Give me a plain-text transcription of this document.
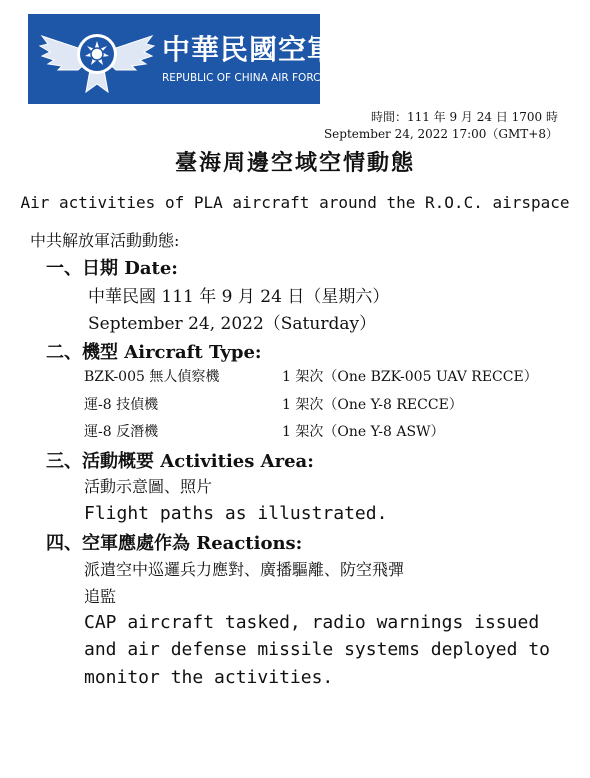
中華民國空軍
REPUBLIC OF CHINA AIR FORCE
時間：111 年 9 月 24 日 1700 時
September 24, 2022 17:00（GMT+8）
臺海周邊空域空情動態
Air activities of PLA aircraft around the R.O.C. airspace
中共解放軍活動動態:
一、日期 Date:
中華民國 111 年 9 月 24 日（星期六）
September 24, 2022（Saturday）
二、機型 Aircraft Type:
BZK-005 無人偵察機	1 架次（One BZK-005 UAV RECCE）
運-8 技偵機	1 架次（One Y-8 RECCE）
運-8 反潛機	1 架次（One Y-8 ASW）
三、活動概要 Activities Area:
活動示意圖、照片
Flight paths as illustrated.
四、空軍應處作為 Reactions:
派遣空中巡邏兵力應對、廣播驅離、防空飛彈
追監
CAP aircraft tasked, radio warnings issued
and air defense missile systems deployed to
monitor the activities.
